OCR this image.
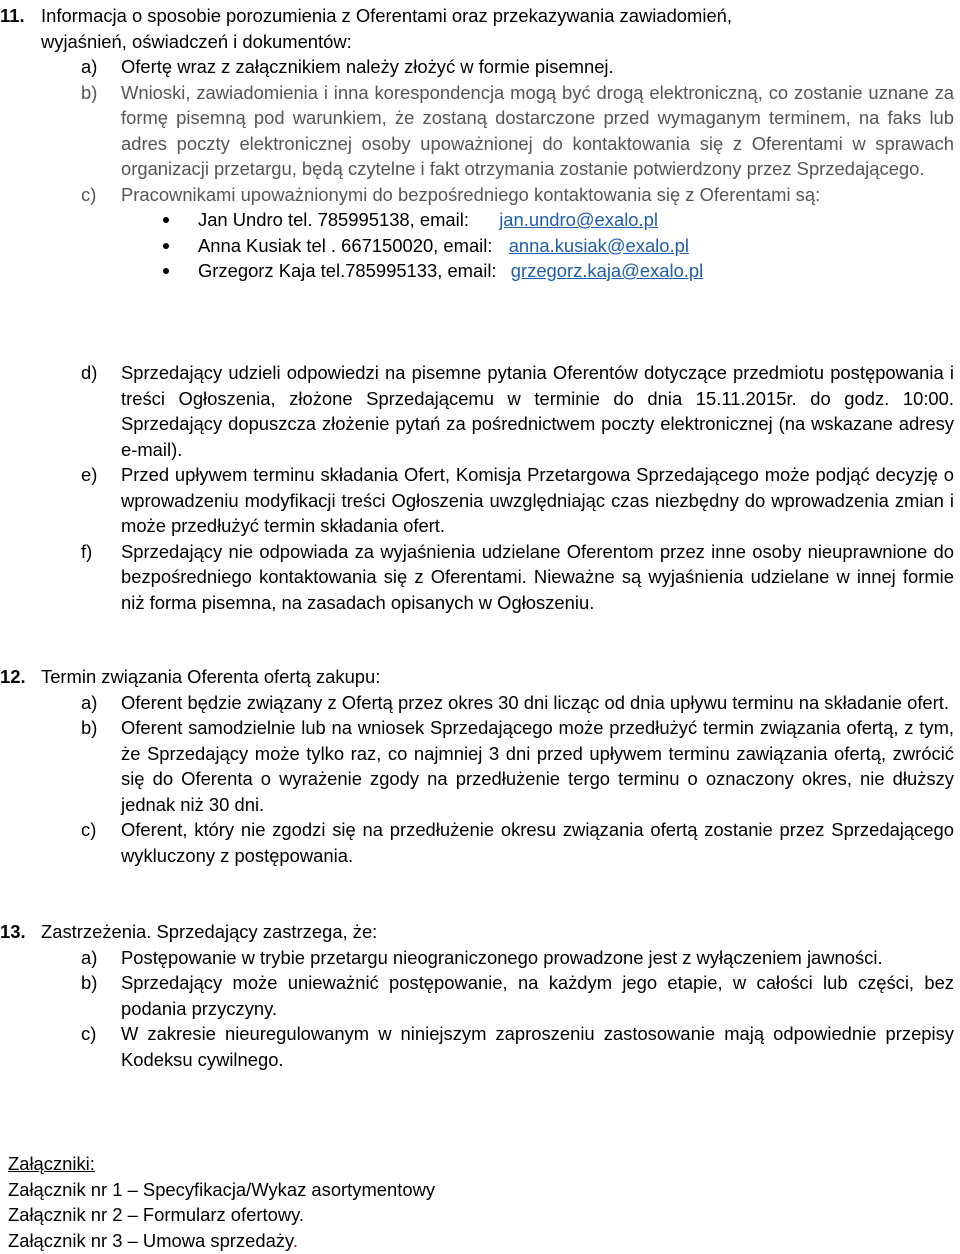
11. Informacja o sposobie porozumienia z Oferentami oraz przekazywania zawiadomień,
wyjaśnień, oświadczeń i dokumentów:
a) Ofertę wraz z załącznikiem należy złożyć w formie pisemnej.
b) Wnioski, zawiadomienia i inna korespondencja mogą być drogą elektroniczną, co zostanie uznane za formę pisemną pod warunkiem, że zostaną dostarczone przed wymaganym terminem, na faks lub adres poczty elektronicznej osoby upoważnionej do kontaktowania się z Oferentami w sprawach organizacji przetargu, będą czytelne i fakt otrzymania zostanie potwierdzony przez Sprzedającego.
c) Pracownikami upoważnionymi do bezpośredniego kontaktowania się z Oferentami są:
Jan Undro tel. 785995138, email: jan.undro@exalo.pl
Anna Kusiak tel . 667150020, email: anna.kusiak@exalo.pl
Grzegorz Kaja tel.785995133, email: grzegorz.kaja@exalo.pl
d) Sprzedający udzieli odpowiedzi na pisemne pytania Oferentów dotyczące przedmiotu postępowania i treści Ogłoszenia, złożone Sprzedającemu w terminie do dnia 15.11.2015r. do godz. 10:00. Sprzedający dopuszcza złożenie pytań za pośrednictwem poczty elektronicznej (na wskazane adresy e-mail).
e) Przed upływem terminu składania Ofert, Komisja Przetargowa Sprzedającego może podjąć decyzję o wprowadzeniu modyfikacji treści Ogłoszenia uwzględniając czas niezbędny do wprowadzenia zmian i może przedłużyć termin składania ofert.
f) Sprzedający nie odpowiada za wyjaśnienia udzielane Oferentom przez inne osoby nieuprawnione do bezpośredniego kontaktowania się z Oferentami. Nieważne są wyjaśnienia udzielane w innej formie niż forma pisemna, na zasadach opisanych w Ogłoszeniu.
12. Termin związania Oferenta ofertą zakupu:
a) Oferent będzie związany z Ofertą przez okres 30 dni licząc od dnia upływu terminu na składanie ofert.
b) Oferent samodzielnie lub na wniosek Sprzedającego może przedłużyć termin związania ofertą, z tym, że Sprzedający może tylko raz, co najmniej 3 dni przed upływem terminu zawiązania ofertą, zwrócić się do Oferenta o wyrażenie zgody na przedłużenie tergo terminu o oznaczony okres, nie dłuższy jednak niż 30 dni.
c) Oferent, który nie zgodzi się na przedłużenie okresu związania ofertą zostanie przez Sprzedającego wykluczony z postępowania.
13. Zastrzeżenia. Sprzedający zastrzega, że:
a) Postępowanie w trybie przetargu nieograniczonego prowadzone jest z wyłączeniem jawności.
b) Sprzedający może unieważnić postępowanie, na każdym jego etapie, w całości lub części, bez podania przyczyny.
c) W zakresie nieuregulowanym w niniejszym zaproszeniu zastosowanie mają odpowiednie przepisy Kodeksu cywilnego.
Załączniki:
Załącznik nr 1 – Specyfikacja/Wykaz asortymentowy
Załącznik nr 2 – Formularz ofertowy.
Załącznik nr 3 – Umowa sprzedaży.
